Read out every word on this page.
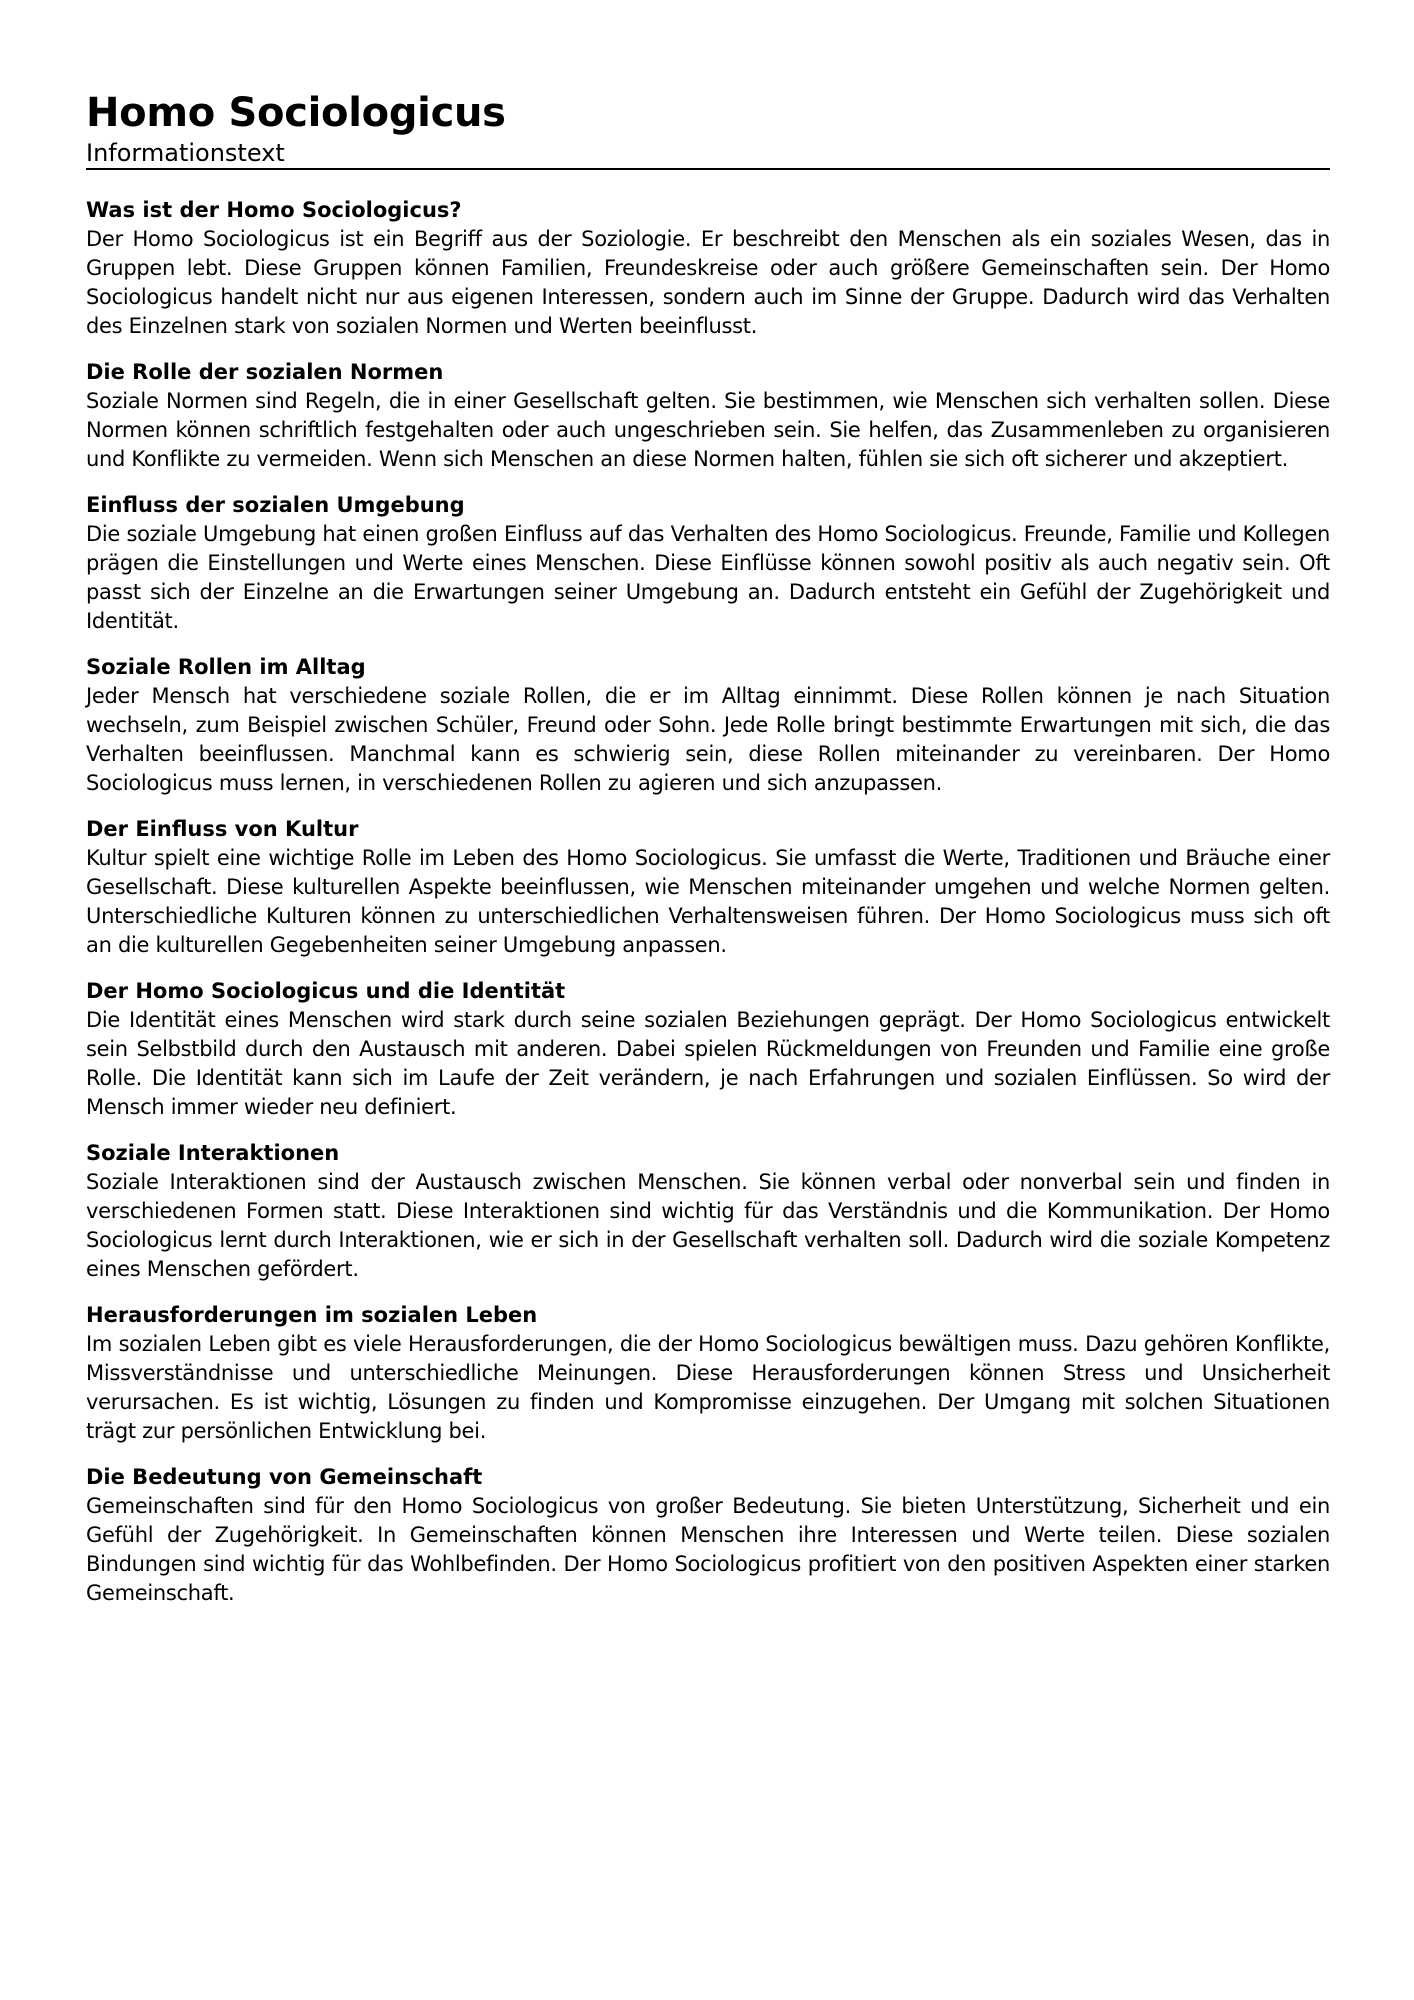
Homo Sociologicus

Informationstext

Was ist der Homo Sociologicus?

Der Homo Sociologicus ist ein Begriff aus der Soziologie. Er beschreibt den Menschen als ein soziales Wesen, das in Gruppen lebt. Diese Gruppen können Familien, Freundeskreise oder auch größere Gemeinschaften sein. Der Homo Sociologicus handelt nicht nur aus eigenen Interessen, sondern auch im Sinne der Gruppe. Dadurch wird das Verhalten des Einzelnen stark von sozialen Normen und Werten beeinflusst.

Die Rolle der sozialen Normen

Soziale Normen sind Regeln, die in einer Gesellschaft gelten. Sie bestimmen, wie Menschen sich verhalten sollen. Diese Normen können schriftlich festgehalten oder auch ungeschrieben sein. Sie helfen, das Zusammenleben zu organisieren und Konflikte zu vermeiden. Wenn sich Menschen an diese Normen halten, fühlen sie sich oft sicherer und akzeptiert.

Einfluss der sozialen Umgebung

Die soziale Umgebung hat einen großen Einfluss auf das Verhalten des Homo Sociologicus. Freunde, Familie und Kollegen prägen die Einstellungen und Werte eines Menschen. Diese Einflüsse können sowohl positiv als auch negativ sein. Oft passt sich der Einzelne an die Erwartungen seiner Umgebung an. Dadurch entsteht ein Gefühl der Zugehörigkeit und Identität.

Soziale Rollen im Alltag

Jeder Mensch hat verschiedene soziale Rollen, die er im Alltag einnimmt. Diese Rollen können je nach Situation wechseln, zum Beispiel zwischen Schüler, Freund oder Sohn. Jede Rolle bringt bestimmte Erwartungen mit sich, die das Verhalten beeinflussen. Manchmal kann es schwierig sein, diese Rollen miteinander zu vereinbaren. Der Homo Sociologicus muss lernen, in verschiedenen Rollen zu agieren und sich anzupassen.

Der Einfluss von Kultur

Kultur spielt eine wichtige Rolle im Leben des Homo Sociologicus. Sie umfasst die Werte, Traditionen und Bräuche einer Gesellschaft. Diese kulturellen Aspekte beeinflussen, wie Menschen miteinander umgehen und welche Normen gelten. Unterschiedliche Kulturen können zu unterschiedlichen Verhaltensweisen führen. Der Homo Sociologicus muss sich oft an die kulturellen Gegebenheiten seiner Umgebung anpassen.

Der Homo Sociologicus und die Identität

Die Identität eines Menschen wird stark durch seine sozialen Beziehungen geprägt. Der Homo Sociologicus entwickelt sein Selbstbild durch den Austausch mit anderen. Dabei spielen Rückmeldungen von Freunden und Familie eine große Rolle. Die Identität kann sich im Laufe der Zeit verändern, je nach Erfahrungen und sozialen Einflüssen. So wird der Mensch immer wieder neu definiert.

Soziale Interaktionen

Soziale Interaktionen sind der Austausch zwischen Menschen. Sie können verbal oder nonverbal sein und finden in verschiedenen Formen statt. Diese Interaktionen sind wichtig für das Verständnis und die Kommunikation. Der Homo Sociologicus lernt durch Interaktionen, wie er sich in der Gesellschaft verhalten soll. Dadurch wird die soziale Kompetenz eines Menschen gefördert.

Herausforderungen im sozialen Leben

Im sozialen Leben gibt es viele Herausforderungen, die der Homo Sociologicus bewältigen muss. Dazu gehören Konflikte, Missverständnisse und unterschiedliche Meinungen. Diese Herausforderungen können Stress und Unsicherheit verursachen. Es ist wichtig, Lösungen zu finden und Kompromisse einzugehen. Der Umgang mit solchen Situationen trägt zur persönlichen Entwicklung bei.

Die Bedeutung von Gemeinschaft

Gemeinschaften sind für den Homo Sociologicus von großer Bedeutung. Sie bieten Unterstützung, Sicherheit und ein Gefühl der Zugehörigkeit. In Gemeinschaften können Menschen ihre Interessen und Werte teilen. Diese sozialen Bindungen sind wichtig für das Wohlbefinden. Der Homo Sociologicus profitiert von den positiven Aspekten einer starken Gemeinschaft.
